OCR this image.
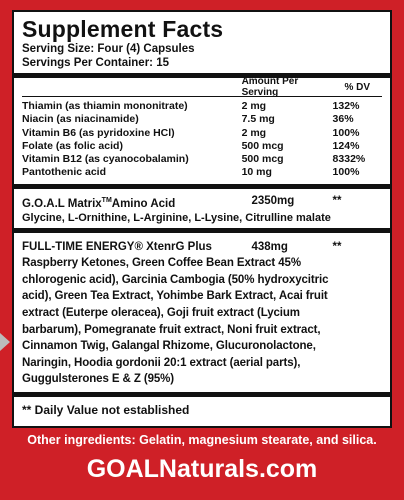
Supplement Facts
Serving Size: Four (4) Capsules
Servings Per Container: 15
Amount Per Serving	% DV
Thiamin (as thiamin mononitrate)	2 mg	132%
Niacin (as niacinamide)	7.5 mg	36%
Vitamin B6 (as pyridoxine HCl)	2 mg	100%
Folate (as folic acid)	500 mcg	124%
Vitamin B12 (as cyanocobalamin)	500 mcg	8332%
Pantothenic acid	10 mg	100%
G.O.A.L Matrix™Amino Acid	2350mg	**
Glycine, L-Ornithine, L-Arginine, L-Lysine, Citrulline malate
FULL-TIME ENERGY® XtenrG Plus	438mg	**
Raspberry Ketones, Green Coffee Bean Extract 45%
chlorogenic acid), Garcinia Cambogia (50% hydroxycitric
acid), Green Tea Extract, Yohimbe Bark Extract, Acai fruit
extract (Euterpe oleracea), Goji fruit extract (Lycium
barbarum), Pomegranate fruit extract, Noni fruit extract,
Cinnamon Twig, Galangal Rhizome, Glucuronolactone,
Naringin, Hoodia gordonii 20:1 extract (aerial parts),
Guggulsterones E & Z (95%)
** Daily Value not established
Other ingredients: Gelatin, magnesium stearate, and silica.
GOALNaturals.com
